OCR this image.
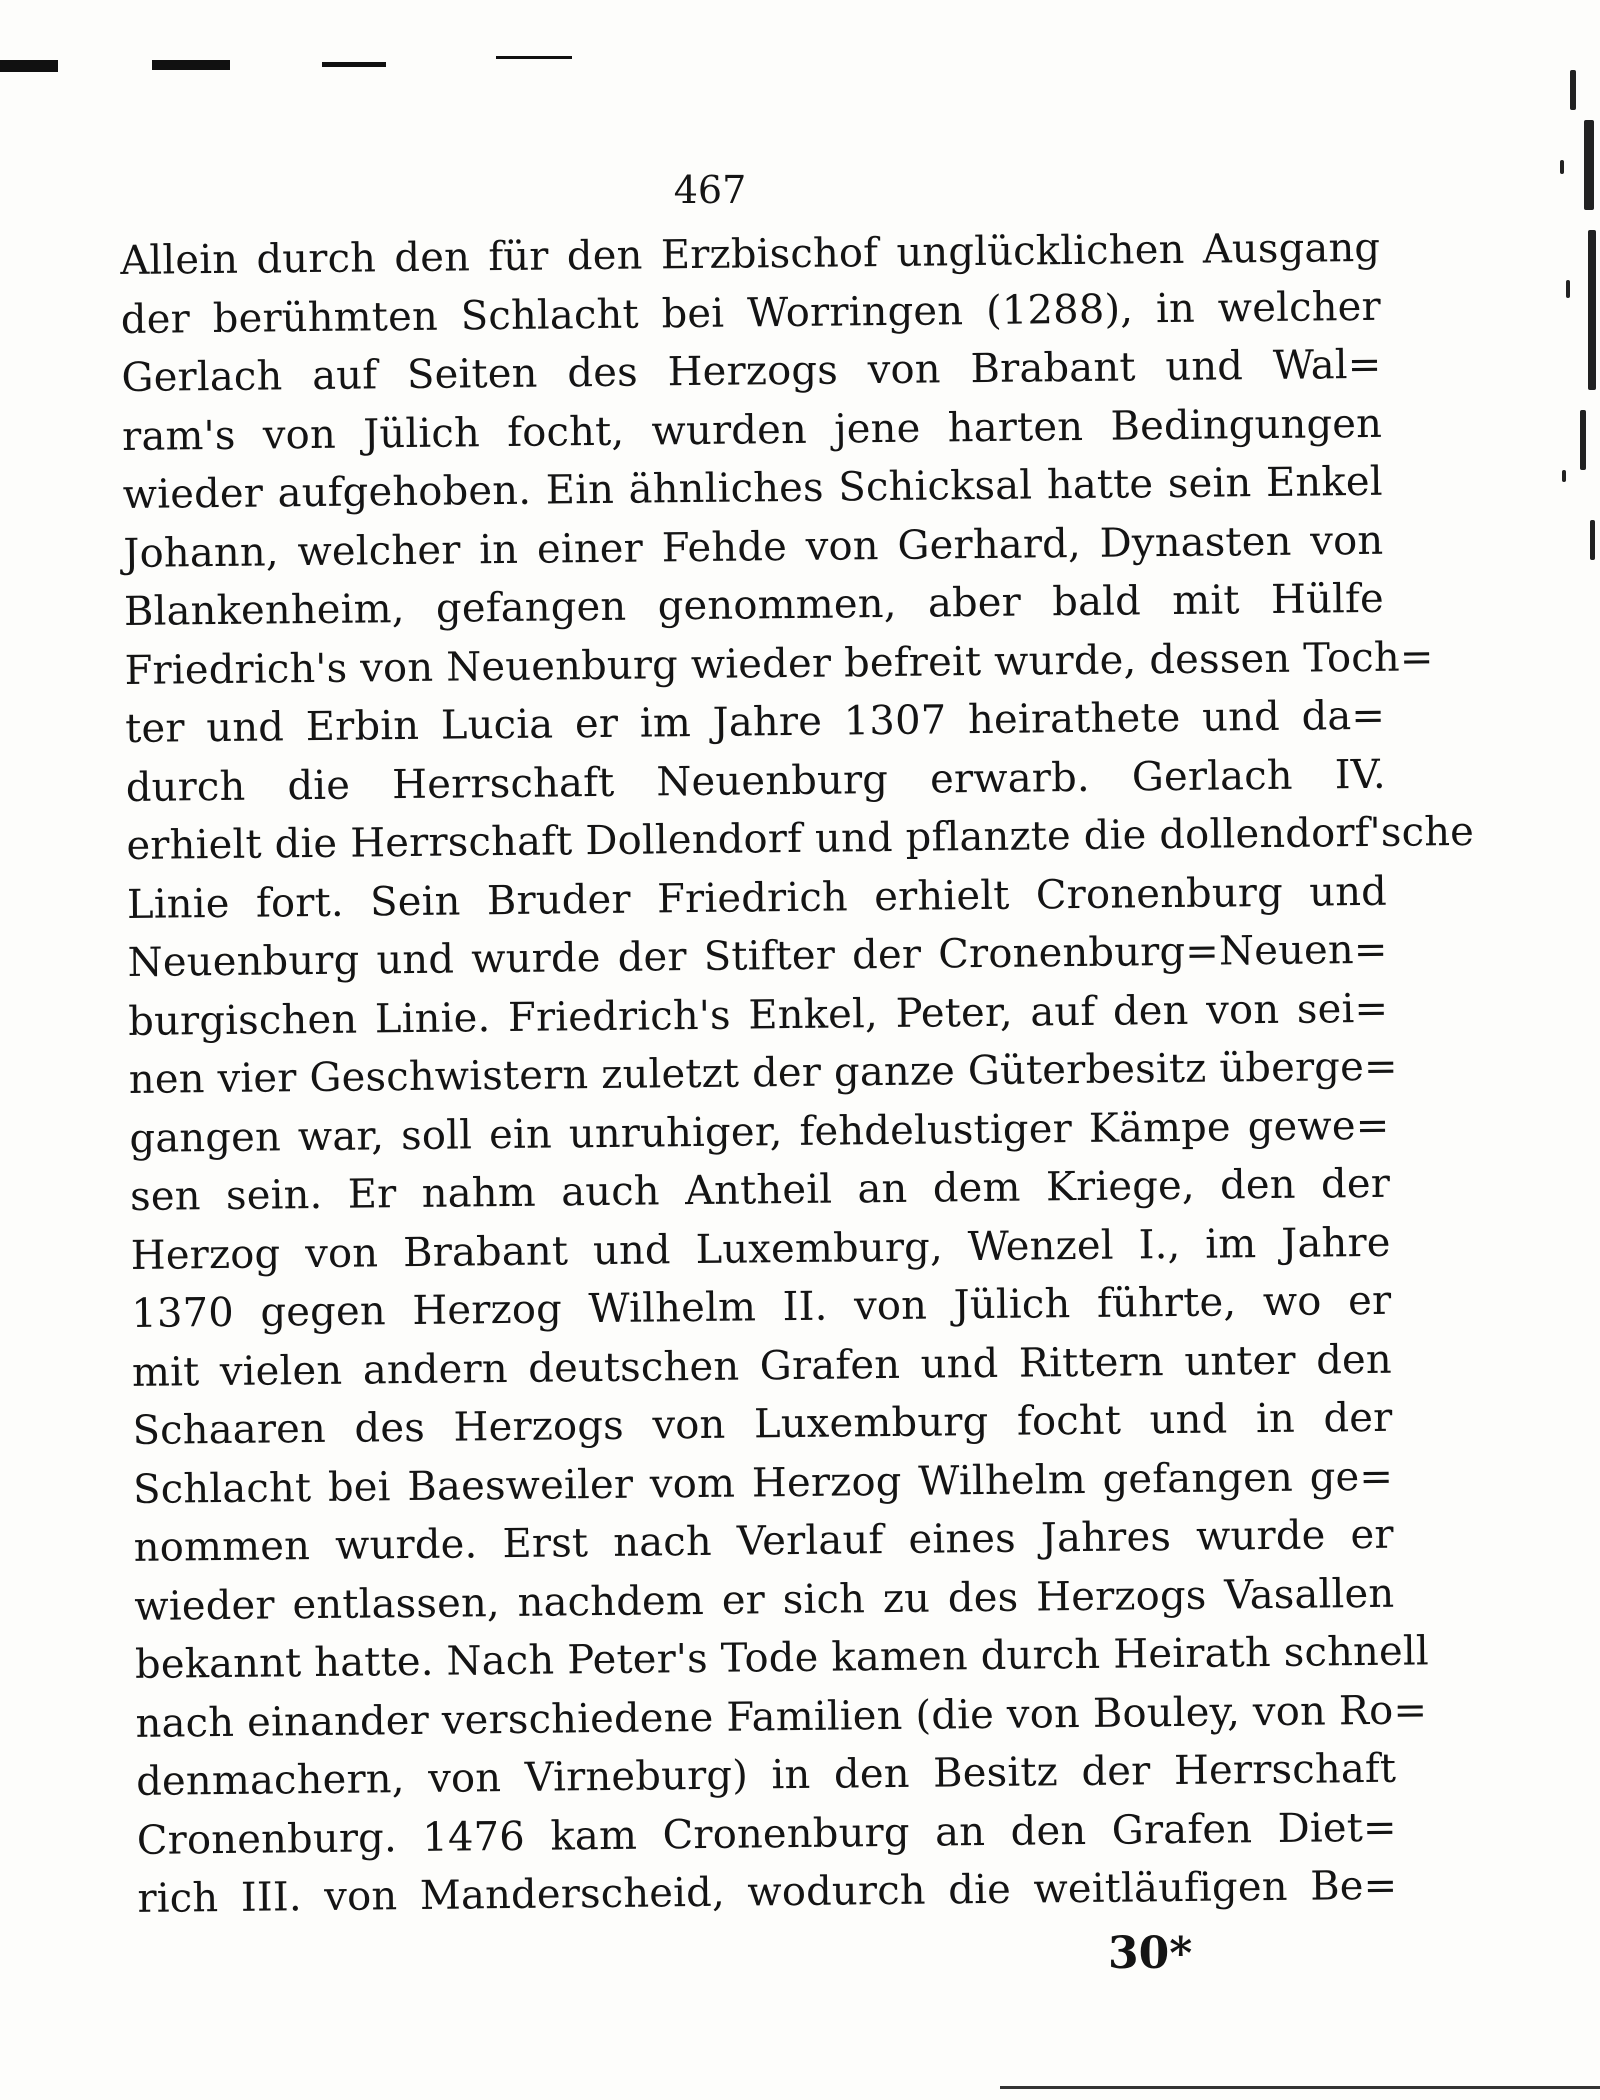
467

Allein durch den für den Erzbischof unglücklichen Ausgang
der berühmten Schlacht bei Worringen (1288), in welcher
Gerlach auf Seiten des Herzogs von Brabant und Wal=
ram's von Jülich focht, wurden jene harten Bedingungen
wieder aufgehoben. Ein ähnliches Schicksal hatte sein Enkel
Johann, welcher in einer Fehde von Gerhard, Dynasten von
Blankenheim, gefangen genommen, aber bald mit Hülfe
Friedrich's von Neuenburg wieder befreit wurde, dessen Toch=
ter und Erbin Lucia er im Jahre 1307 heirathete und da=
durch die Herrschaft Neuenburg erwarb. Gerlach IV.
erhielt die Herrschaft Dollendorf und pflanzte die dollendorf'sche
Linie fort. Sein Bruder Friedrich erhielt Cronenburg und
Neuenburg und wurde der Stifter der Cronenburg=Neuen=
burgischen Linie. Friedrich's Enkel, Peter, auf den von sei=
nen vier Geschwistern zuletzt der ganze Güterbesitz überge=
gangen war, soll ein unruhiger, fehdelustiger Kämpe gewe=
sen sein. Er nahm auch Antheil an dem Kriege, den der
Herzog von Brabant und Luxemburg, Wenzel I., im Jahre
1370 gegen Herzog Wilhelm II. von Jülich führte, wo er
mit vielen andern deutschen Grafen und Rittern unter den
Schaaren des Herzogs von Luxemburg focht und in der
Schlacht bei Baesweiler vom Herzog Wilhelm gefangen ge=
nommen wurde. Erst nach Verlauf eines Jahres wurde er
wieder entlassen, nachdem er sich zu des Herzogs Vasallen
bekannt hatte. Nach Peter's Tode kamen durch Heirath schnell
nach einander verschiedene Familien (die von Bouley, von Ro=
denmachern, von Virneburg) in den Besitz der Herrschaft
Cronenburg. 1476 kam Cronenburg an den Grafen Diet=
rich III. von Manderscheid, wodurch die weitläufigen Be=

30*
